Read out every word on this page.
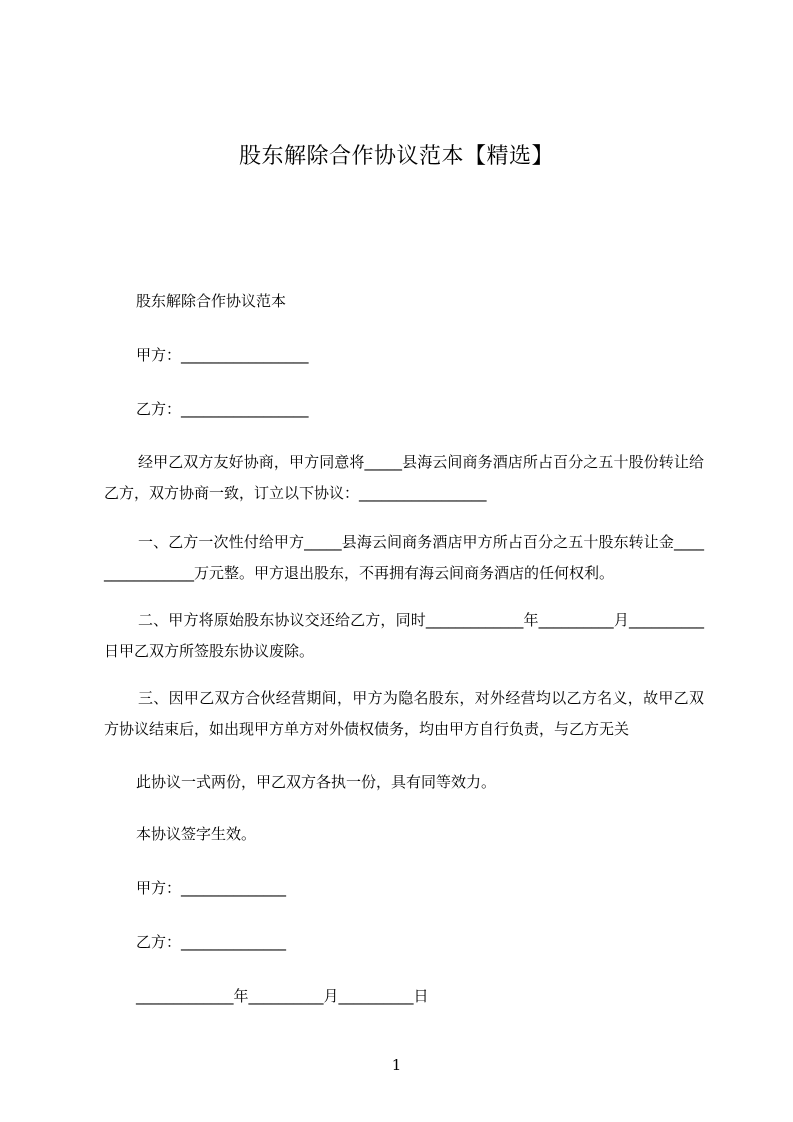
股东解除合作协议范本【精选】
股东解除合作协议范本
甲方：_________________
乙方：_________________
经甲乙双方友好协商，甲方同意将_____县海云间商务酒店所占百分之五十股份转让给乙方，双方协商一致，订立以下协议：_________________
一、乙方一次性付给甲方_____县海云间商务酒店甲方所占百分之五十股东转让金________________万元整。甲方退出股东，不再拥有海云间商务酒店的任何权利。
二、甲方将原始股东协议交还给乙方，同时_____________年__________月__________日甲乙双方所签股东协议废除。
三、因甲乙双方合伙经营期间，甲方为隐名股东，对外经营均以乙方名义，故甲乙双方协议结束后，如出现甲方单方对外债权债务，均由甲方自行负责，与乙方无关
此协议一式两份，甲乙双方各执一份，具有同等效力。
本协议签字生效。
甲方：______________
乙方：______________
_____________年__________月__________日
1
